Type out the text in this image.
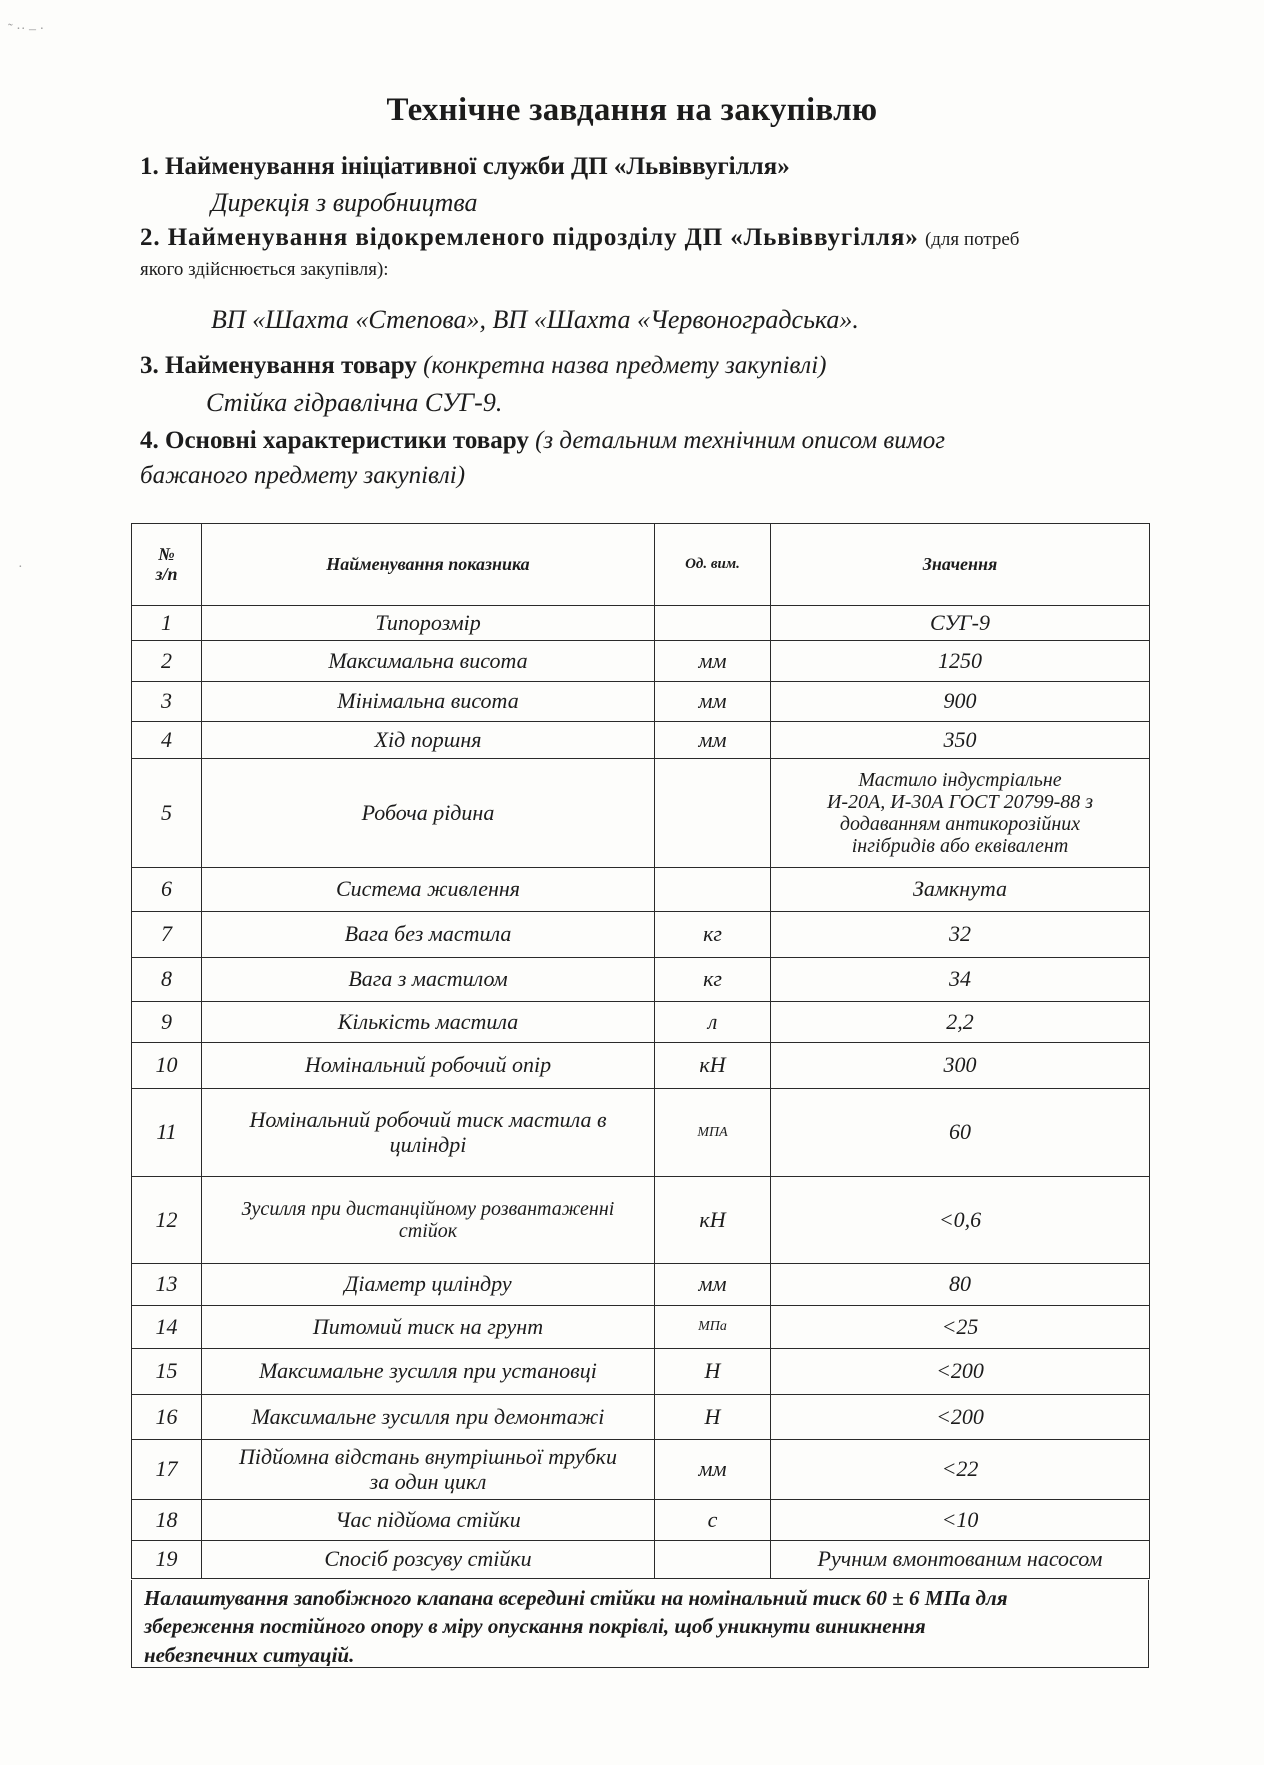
˜ ·· ‒ ·
·
Технічне завдання на закупівлю
1. Найменування ініціативної служби ДП «Львіввугілля»
Дирекція з виробництва
2. Найменування відокремленого підрозділу ДП «Львіввугілля» (для потреб
якого здійснюється закупівля):
ВП «Шахта «Степова», ВП «Шахта «Червоноградська».
3. Найменування товару (конкретна назва предмету закупівлі)
Стійка гідравлічна СУГ-9.
4. Основні характеристики товару (з детальним технічним описом вимог
бажаного предмету закупівлі)
№
з/п	Найменування показника	Од. вим.	Значення
1	Типорозмір		СУГ-9
2	Максимальна висота	мм	1250
3	Мінімальна висота	мм	900
4	Хід поршня	мм	350
5	Робоча рідина		Мастило індустріальне
И-20А, И-30А ГОСТ 20799-88 з
додаванням антикорозійних
інгібридів або еквівалент
6	Система живлення		Замкнута
7	Вага без мастила	кг	32
8	Вага з мастилом	кг	34
9	Кількість мастила	л	2,2
10	Номінальний робочий опір	кН	300
11	Номінальний робочий тиск мастила в
циліндрі	МПА	60
12	Зусилля при дистанційному розвантаженні
стійок	кН	<0,6
13	Діаметр циліндру	мм	80
14	Питомий тиск на грунт	МПа	<25
15	Максимальне зусилля при установці	Н	<200
16	Максимальне зусилля при демонтажі	Н	<200
17	Підйомна відстань внутрішньої трубки
за один цикл	мм	<22
18	Час підйома стійки	с	<10
19	Спосіб розсуву стійки		Ручним вмонтованим насосом
Налаштування запобіжного клапана всередині стійки на номінальний тиск 60 ± 6 МПа для
збереження постійного опору в міру опускання покрівлі, щоб уникнути виникнення
небезпечних ситуацій.
